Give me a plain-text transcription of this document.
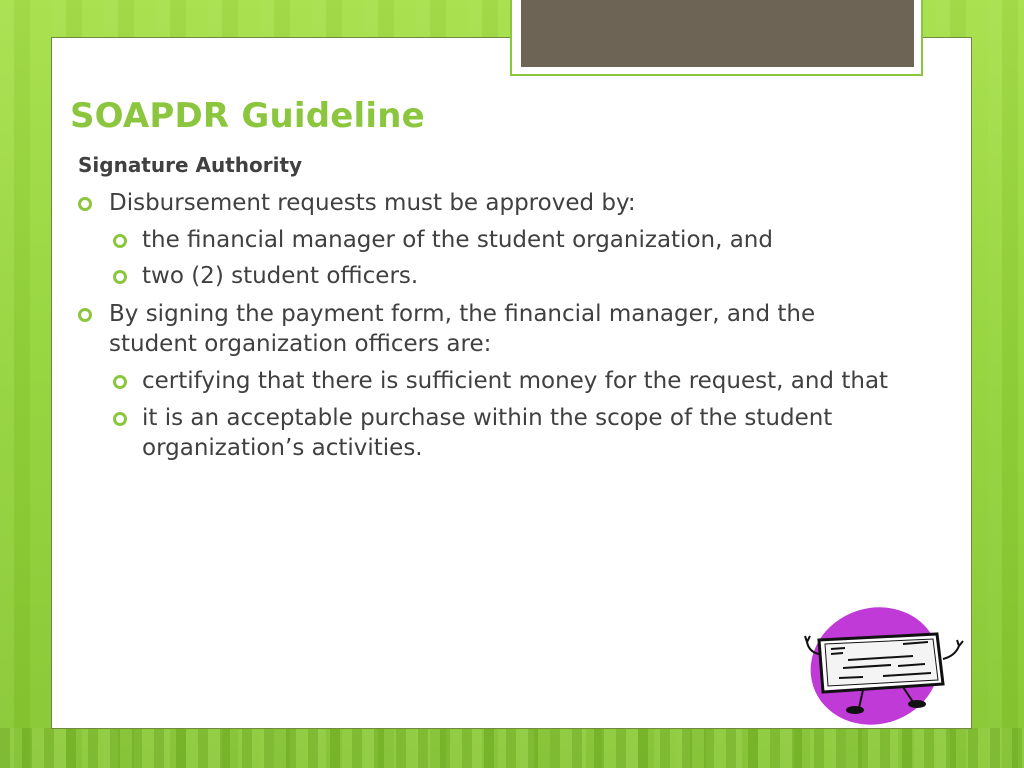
SOAPDR Guideline
Signature Authority
Disbursement requests must be approved by:
the financial manager of the student organization, and
two (2) student officers.
By signing the payment form, the financial manager, and the
student organization officers are:
certifying that there is sufficient money for the request, and that
it is an acceptable purchase within the scope of the student
organization’s activities.
